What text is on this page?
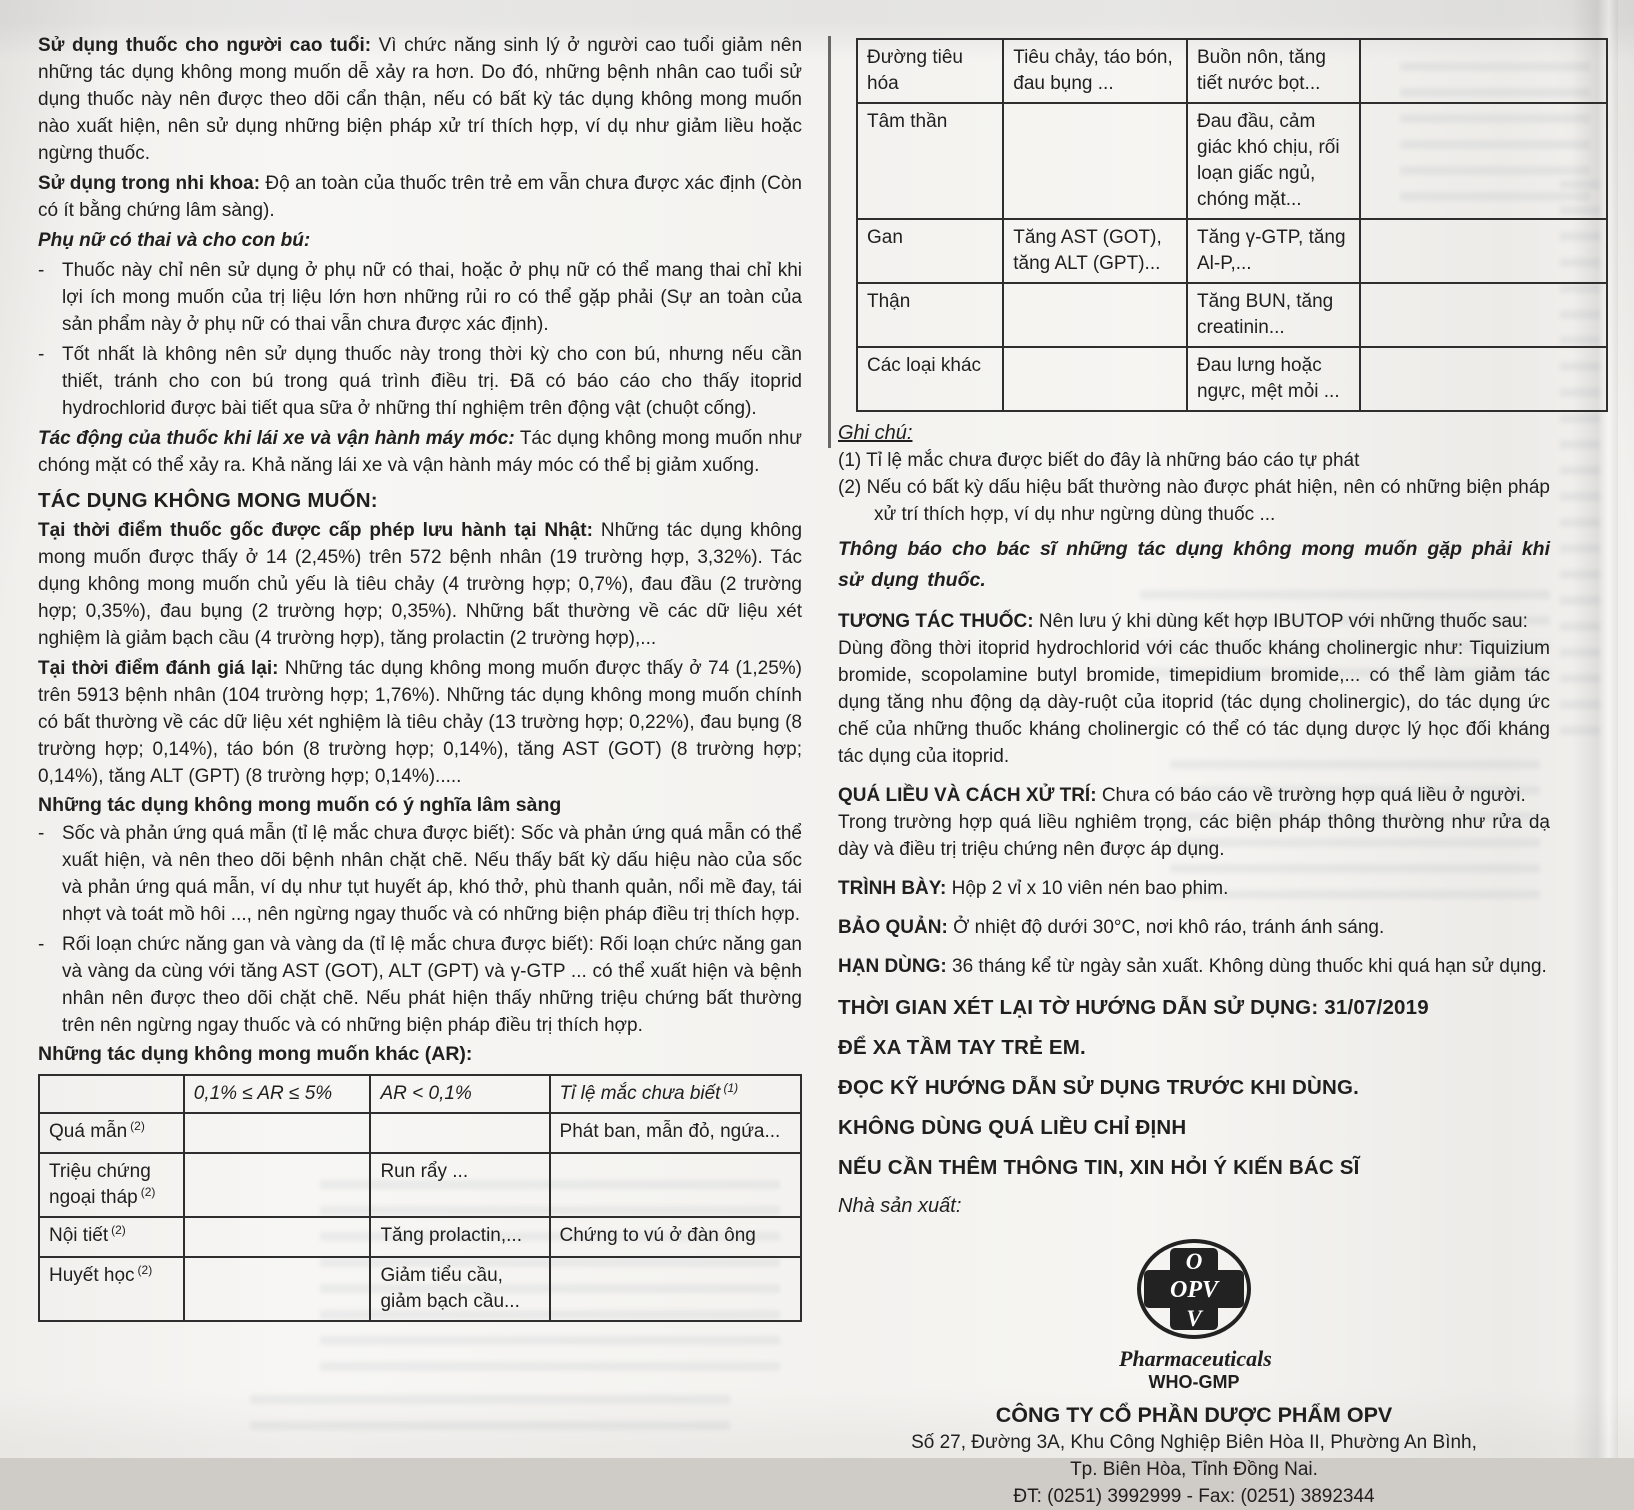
Sử dụng thuốc cho người cao tuổi: Vì chức năng sinh lý ở người cao tuổi giảm nên những tác dụng không mong muốn dễ xảy ra hơn. Do đó, những bệnh nhân cao tuổi sử dụng thuốc này nên được theo dõi cẩn thận, nếu có bất kỳ tác dụng không mong muốn nào xuất hiện, nên sử dụng những biện pháp xử trí thích hợp, ví dụ như giảm liều hoặc ngừng thuốc.

Sử dụng trong nhi khoa: Độ an toàn của thuốc trên trẻ em vẫn chưa được xác định (Còn có ít bằng chứng lâm sàng).

Phụ nữ có thai và cho con bú:

- Thuốc này chỉ nên sử dụng ở phụ nữ có thai, hoặc ở phụ nữ có thể mang thai chỉ khi lợi ích mong muốn của trị liệu lớn hơn những rủi ro có thể gặp phải (Sự an toàn của sản phẩm này ở phụ nữ có thai vẫn chưa được xác định).
- Tốt nhất là không nên sử dụng thuốc này trong thời kỳ cho con bú, nhưng nếu cần thiết, tránh cho con bú trong quá trình điều trị. Đã có báo cáo cho thấy itoprid hydrochlorid được bài tiết qua sữa ở những thí nghiệm trên động vật (chuột cống).

Tác động của thuốc khi lái xe và vận hành máy móc: Tác dụng không mong muốn như chóng mặt có thể xảy ra. Khả năng lái xe và vận hành máy móc có thể bị giảm xuống.

TÁC DỤNG KHÔNG MONG MUỐN:

Tại thời điểm thuốc gốc được cấp phép lưu hành tại Nhật: Những tác dụng không mong muốn được thấy ở 14 (2,45%) trên 572 bệnh nhân (19 trường hợp, 3,32%). Tác dụng không mong muốn chủ yếu là tiêu chảy (4 trường hợp; 0,7%), đau đầu (2 trường hợp; 0,35%), đau bụng (2 trường hợp; 0,35%). Những bất thường về các dữ liệu xét nghiệm là giảm bạch cầu (4 trường hợp), tăng prolactin (2 trường hợp),...

Tại thời điểm đánh giá lại: Những tác dụng không mong muốn được thấy ở 74 (1,25%) trên 5913 bệnh nhân (104 trường hợp; 1,76%). Những tác dụng không mong muốn chính có bất thường về các dữ liệu xét nghiệm là tiêu chảy (13 trường hợp; 0,22%), đau bụng (8 trường hợp; 0,14%), táo bón (8 trường hợp; 0,14%), tăng AST (GOT) (8 trường hợp; 0,14%), tăng ALT (GPT) (8 trường hợp; 0,14%).....

Những tác dụng không mong muốn có ý nghĩa lâm sàng

- Sốc và phản ứng quá mẫn (tỉ lệ mắc chưa được biết): Sốc và phản ứng quá mẫn có thể xuất hiện, và nên theo dõi bệnh nhân chặt chẽ. Nếu thấy bất kỳ dấu hiệu nào của sốc và phản ứng quá mẫn, ví dụ như tụt huyết áp, khó thở, phù thanh quản, nổi mề đay, tái nhợt và toát mồ hôi ..., nên ngừng ngay thuốc và có những biện pháp điều trị thích hợp.
- Rối loạn chức năng gan và vàng da (tỉ lệ mắc chưa được biết): Rối loạn chức năng gan và vàng da cùng với tăng AST (GOT), ALT (GPT) và γ-GTP ... có thể xuất hiện và bệnh nhân nên được theo dõi chặt chẽ. Nếu phát hiện thấy những triệu chứng bất thường trên nên ngừng ngay thuốc và có những biện pháp điều trị thích hợp.

Những tác dụng không mong muốn khác (AR):

	0,1% ≤ AR ≤ 5%	AR < 0,1%	Tỉ lệ mắc chưa biết $^{(1)}$
Quá mẫn $^{(2)}$			Phát ban, mẫn đỏ, ngứa...
Triệu chứng ngoại tháp $^{(2)}$		Run rẩy ...	
Nội tiết $^{(2)}$		Tăng prolactin,...	Chứng to vú ở đàn ông
Huyết học $^{(2)}$		Giảm tiểu cầu, giảm bạch cầu...	
Đường tiêu hóa	Tiêu chảy, táo bón, đau bụng ...	Buồn nôn, tăng tiết nước bọt...	
Tâm thần		Đau đầu, cảm giác khó chịu, rối loạn giấc ngủ, chóng mặt...	
Gan	Tăng AST (GOT), tăng ALT (GPT)...	Tăng γ-GTP, tăng Al-P,...	
Thận		Tăng BUN, tăng creatinin...	
Các loại khác		Đau lưng hoặc ngực, mệt mỏi ...	

Ghi chú:

(1) Tỉ lệ mắc chưa được biết do đây là những báo cáo tự phát
(2) Nếu có bất kỳ dấu hiệu bất thường nào được phát hiện, nên có những biện pháp xử trí thích hợp, ví dụ như ngừng dùng thuốc ...

Thông báo cho bác sĩ những tác dụng không mong muốn gặp phải khi sử dụng thuốc.

TƯƠNG TÁC THUỐC: Nên lưu ý khi dùng kết hợp IBUTOP với những thuốc sau:
Dùng đồng thời itoprid hydrochlorid với các thuốc kháng cholinergic như: Tiquizium bromide, scopolamine butyl bromide, timepidium bromide,... có thể làm giảm tác dụng tăng nhu động dạ dày-ruột của itoprid (tác dụng cholinergic), do tác dụng ức chế của những thuốc kháng cholinergic có thể có tác dụng dược lý học đối kháng tác dụng của itoprid.

QUÁ LIỀU VÀ CÁCH XỬ TRÍ: Chưa có báo cáo về trường hợp quá liều ở người.
Trong trường hợp quá liều nghiêm trọng, các biện pháp thông thường như rửa dạ dày và điều trị triệu chứng nên được áp dụng.

TRÌNH BÀY: Hộp 2 vỉ x 10 viên nén bao phim.

BẢO QUẢN: Ở nhiệt độ dưới 30°C, nơi khô ráo, tránh ánh sáng.

HẠN DÙNG: 36 tháng kể từ ngày sản xuất. Không dùng thuốc khi quá hạn sử dụng.

THỜI GIAN XÉT LẠI TỜ HƯỚNG DẪN SỬ DỤNG: 31/07/2019

ĐỂ XA TẦM TAY TRẺ EM.

ĐỌC KỸ HƯỚNG DẪN SỬ DỤNG TRƯỚC KHI DÙNG.

KHÔNG DÙNG QUÁ LIỀU CHỈ ĐỊNH

NẾU CẦN THÊM THÔNG TIN, XIN HỎI Ý KIẾN BÁC SĨ

Nhà sản xuất:

O
OPV
V
Pharmaceuticals
WHO-GMP
CÔNG TY CỔ PHẦN DƯỢC PHẨM OPV
Số 27, Đường 3A, Khu Công Nghiệp Biên Hòa II, Phường An Bình,
Tp. Biên Hòa, Tỉnh Đồng Nai.
ĐT: (0251) 3992999 - Fax: (0251) 3892344
